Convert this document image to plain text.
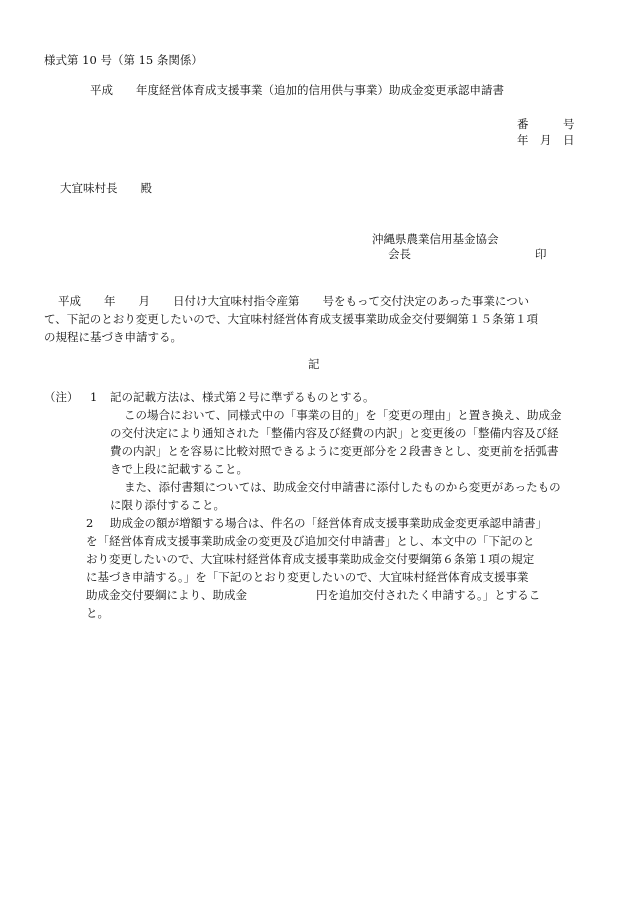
様式第 10 号（第 15 条関係）
平成　　年度経営体育成支援事業（追加的信用供与事業）助成金変更承認申請書
番　　　号
年　月　日
大宜味村長　　殿
沖縄県農業信用基金協会
会長	印
平成　　年　　月　　日付け大宜味村指令産第　　号をもって交付決定のあった事業につい
て、下記のとおり変更したいので、大宜味村経営体育成支援事業助成金交付要綱第１５条第１項
の規程に基づき申請する。
記
（注）	1	記の記載方法は、様式第２号に準ずるものとする。
この場合において、同様式中の「事業の目的」を「変更の理由」と置き換え、助成金
の交付決定により通知された「整備内容及び経費の内訳」と変更後の「整備内容及び経
費の内訳」とを容易に比較対照できるように変更部分を２段書きとし、変更前を括弧書
きで上段に記載すること。
また、添付書類については、助成金交付申請書に添付したものから変更があったもの
に限り添付すること。
2	助成金の額が増額する場合は、件名の「経営体育成支援事業助成金変更承認申請書」
を「経営体育成支援事業助成金の変更及び追加交付申請書」とし、本文中の「下記のと
おり変更したいので、大宜味村経営体育成支援事業助成金交付要綱第６条第１項の規定
に基づき申請する。」を「下記のとおり変更したいので、大宜味村経営体育成支援事業
助成金交付要綱により、助成金　　　　　　円を追加交付されたく申請する。」とするこ
と。
